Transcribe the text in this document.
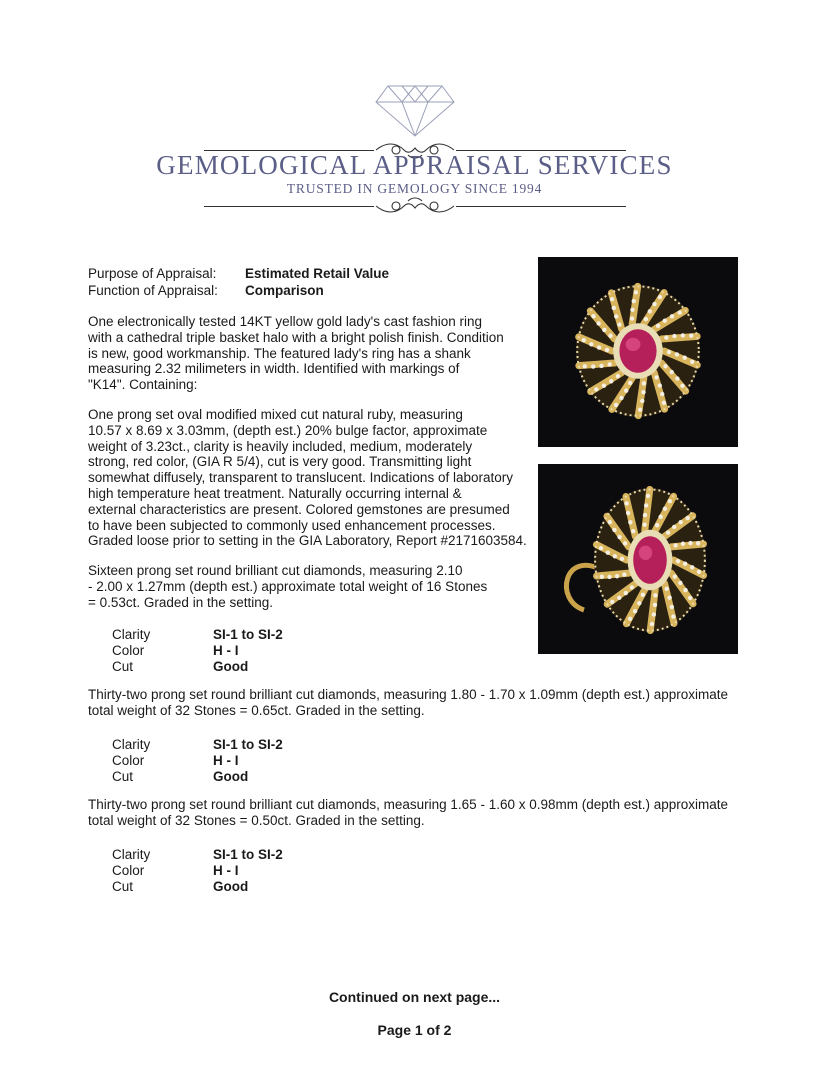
GEMOLOGICAL APPRAISAL SERVICES
TRUSTED IN GEMOLOGY SINCE 1994
Purpose of Appraisal:	Estimated Retail Value
Function of Appraisal:	Comparison
One electronically tested 14KT yellow gold lady's cast fashion ring
with a cathedral triple basket halo with a bright polish finish. Condition
is new, good workmanship. The featured lady's ring has a shank
measuring 2.32 milimeters in width. Identified with markings of
"K14". Containing:
One prong set oval modified mixed cut natural ruby, measuring
10.57 x 8.69 x 3.03mm, (depth est.) 20% bulge factor, approximate
weight of 3.23ct., clarity is heavily included, medium, moderately
strong, red color, (GIA R 5/4), cut is very good. Transmitting light
somewhat diffusely, transparent to translucent. Indications of laboratory
high temperature heat treatment. Naturally occurring internal &
external characteristics are present. Colored gemstones are presumed
to have been subjected to commonly used enhancement processes.
Graded loose prior to setting in the GIA Laboratory, Report #2171603584.
Sixteen prong set round brilliant cut diamonds, measuring 2.10
- 2.00 x 1.27mm (depth est.) approximate total weight of 16 Stones
= 0.53ct. Graded in the setting.
Clarity	SI-1 to SI-2
Color	H - I
Cut	Good
Thirty-two prong set round brilliant cut diamonds, measuring 1.80 - 1.70 x 1.09mm (depth est.) approximate
total weight of 32 Stones = 0.65ct. Graded in the setting.
Clarity	SI-1 to SI-2
Color	H - I
Cut	Good
Thirty-two prong set round brilliant cut diamonds, measuring 1.65 - 1.60 x 0.98mm (depth est.) approximate
total weight of 32 Stones = 0.50ct. Graded in the setting.
Clarity	SI-1 to SI-2
Color	H - I
Cut	Good
Continued on next page...
Page 1 of 2
